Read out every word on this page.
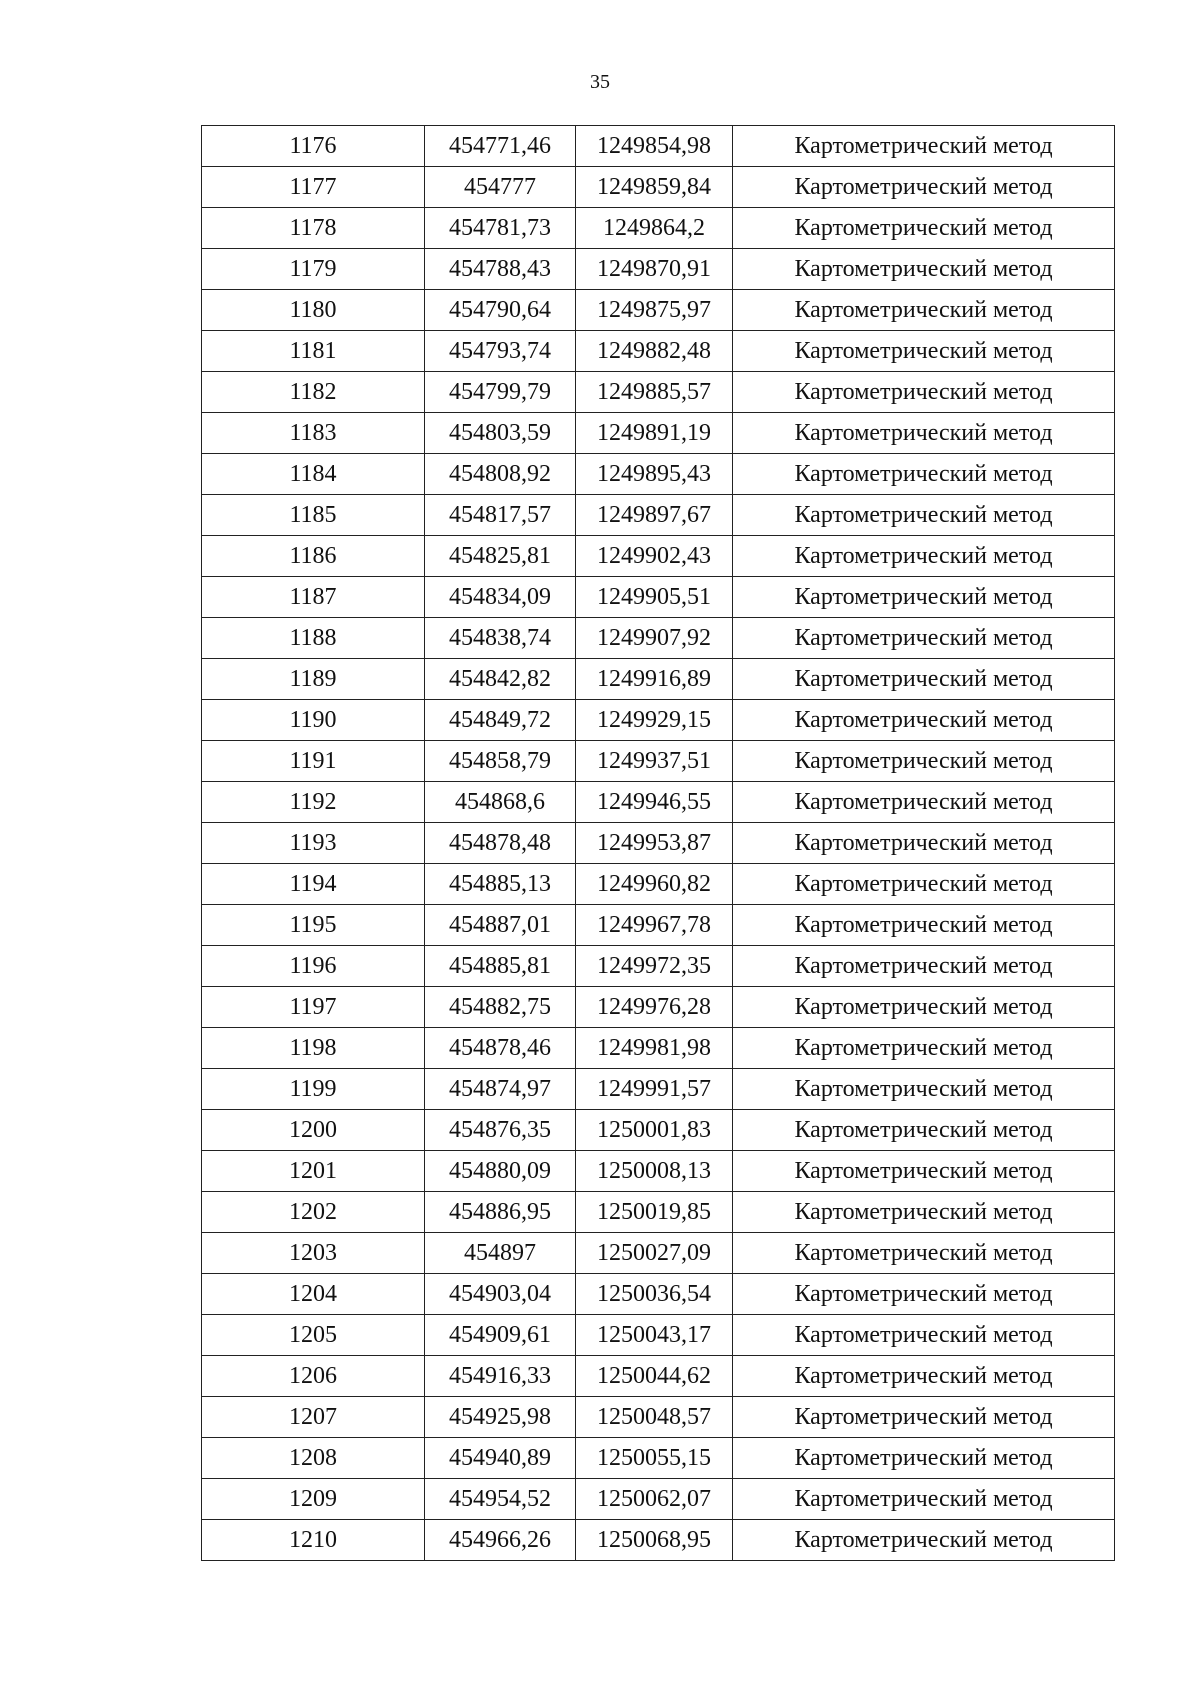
35
1176	454771,46	1249854,98	Картометрический метод
1177	454777	1249859,84	Картометрический метод
1178	454781,73	1249864,2	Картометрический метод
1179	454788,43	1249870,91	Картометрический метод
1180	454790,64	1249875,97	Картометрический метод
1181	454793,74	1249882,48	Картометрический метод
1182	454799,79	1249885,57	Картометрический метод
1183	454803,59	1249891,19	Картометрический метод
1184	454808,92	1249895,43	Картометрический метод
1185	454817,57	1249897,67	Картометрический метод
1186	454825,81	1249902,43	Картометрический метод
1187	454834,09	1249905,51	Картометрический метод
1188	454838,74	1249907,92	Картометрический метод
1189	454842,82	1249916,89	Картометрический метод
1190	454849,72	1249929,15	Картометрический метод
1191	454858,79	1249937,51	Картометрический метод
1192	454868,6	1249946,55	Картометрический метод
1193	454878,48	1249953,87	Картометрический метод
1194	454885,13	1249960,82	Картометрический метод
1195	454887,01	1249967,78	Картометрический метод
1196	454885,81	1249972,35	Картометрический метод
1197	454882,75	1249976,28	Картометрический метод
1198	454878,46	1249981,98	Картометрический метод
1199	454874,97	1249991,57	Картометрический метод
1200	454876,35	1250001,83	Картометрический метод
1201	454880,09	1250008,13	Картометрический метод
1202	454886,95	1250019,85	Картометрический метод
1203	454897	1250027,09	Картометрический метод
1204	454903,04	1250036,54	Картометрический метод
1205	454909,61	1250043,17	Картометрический метод
1206	454916,33	1250044,62	Картометрический метод
1207	454925,98	1250048,57	Картометрический метод
1208	454940,89	1250055,15	Картометрический метод
1209	454954,52	1250062,07	Картометрический метод
1210	454966,26	1250068,95	Картометрический метод
